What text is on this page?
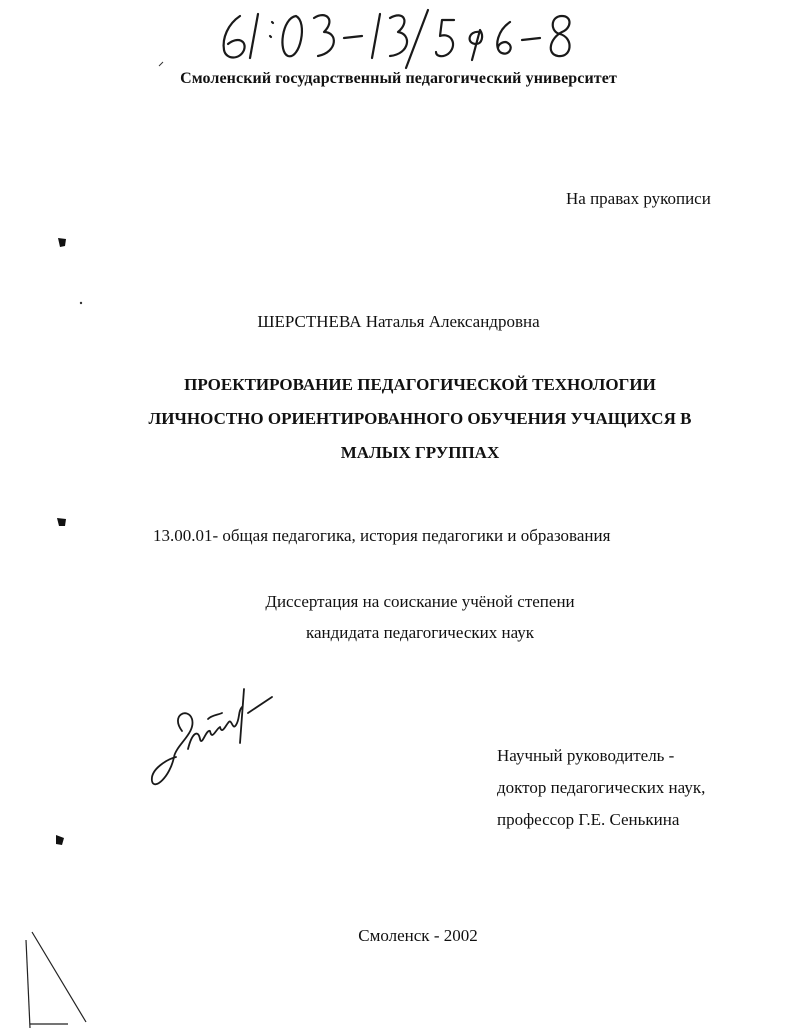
Смоленский государственный педагогический университет
На правах рукописи
ШЕРСТНЕВА Наталья Александровна
ПРОЕКТИРОВАНИЕ ПЕДАГОГИЧЕСКОЙ ТЕХНОЛОГИИ
ЛИЧНОСТНО ОРИЕНТИРОВАННОГО ОБУЧЕНИЯ УЧАЩИХСЯ В
МАЛЫХ ГРУППАХ
13.00.01- общая педагогика, история педагогики и образования
Диссертация на соискание учёной степени
кандидата педагогических наук
Научный руководитель -
доктор педагогических наук,
профессор Г.Е. Сенькина
Смоленск - 2002
